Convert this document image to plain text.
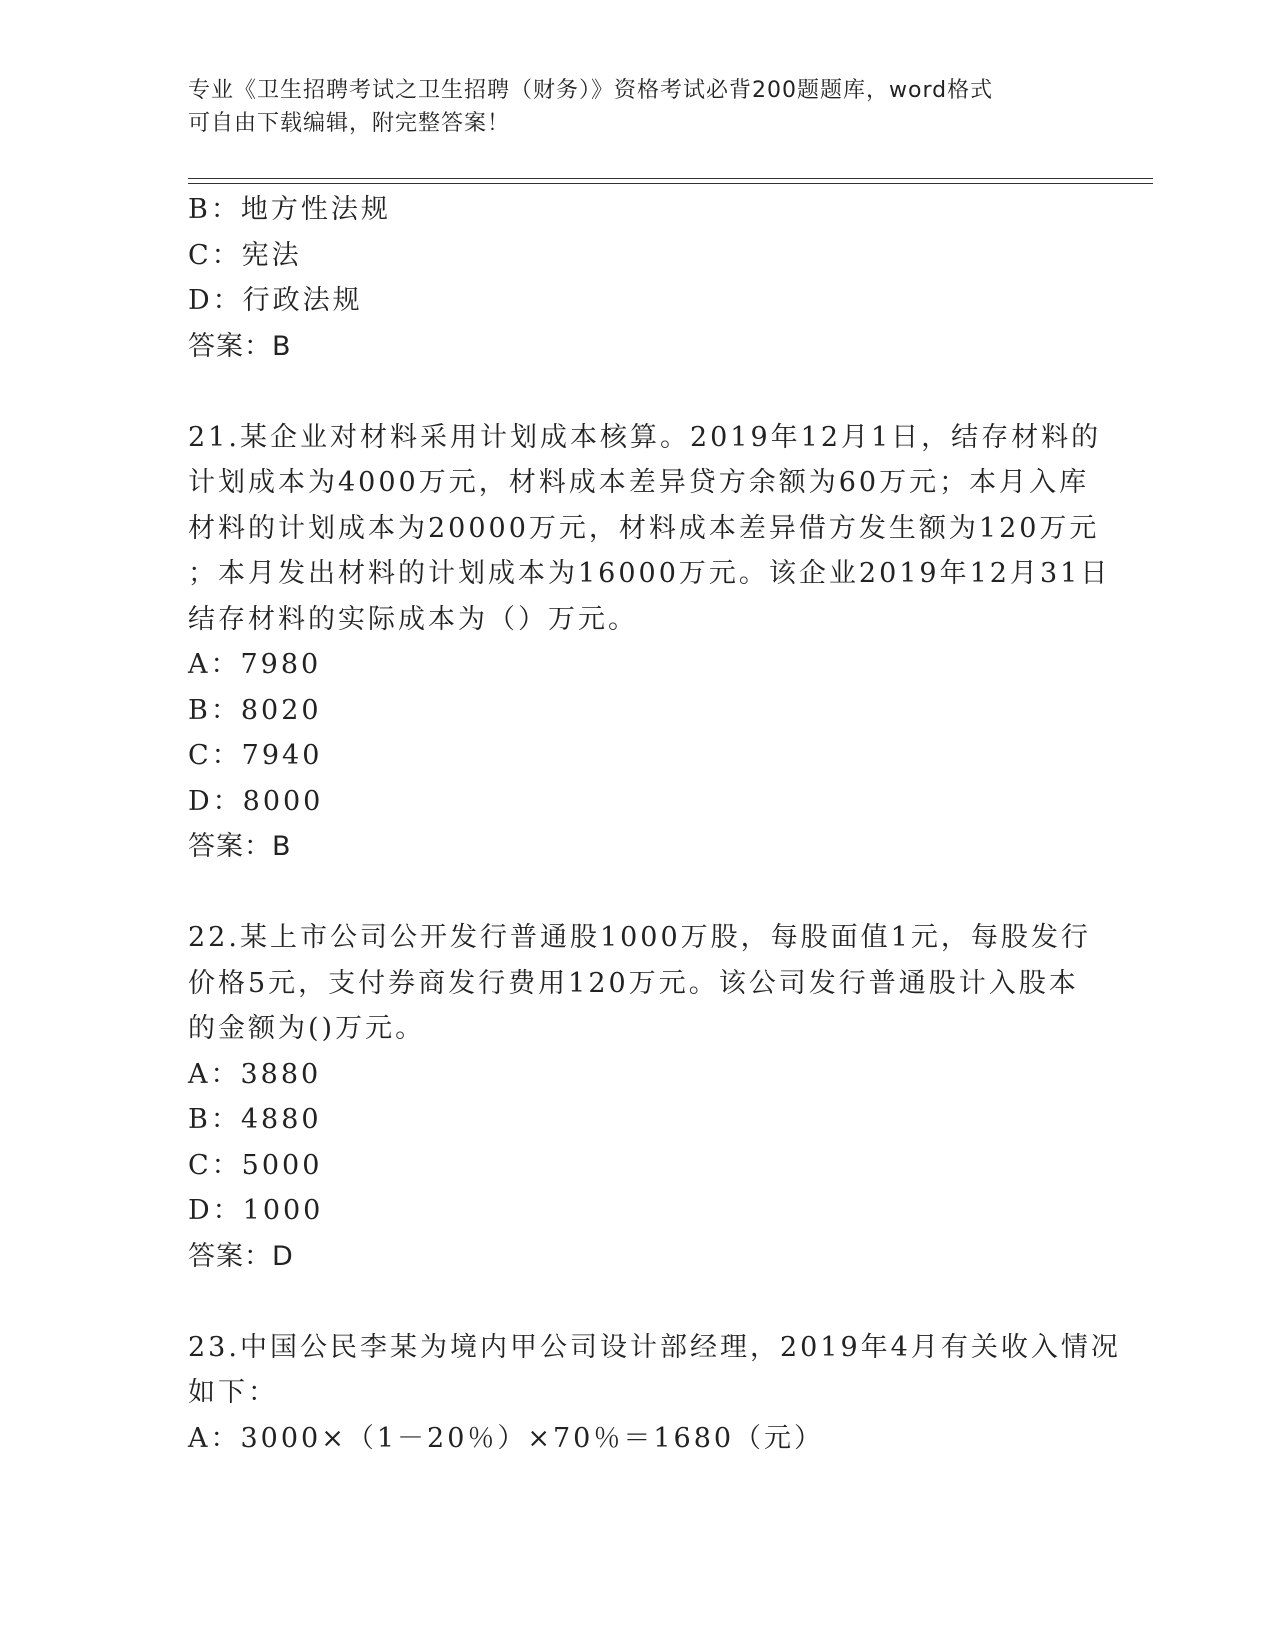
专业《卫生招聘考试之卫生招聘（财务）》资格考试必背200题题库，word格式
可自由下载编辑，附完整答案！
B：地方性法规
C：宪法
D：行政法规
答案：B
21.某企业对材料采用计划成本核算。2019年12月1日，结存材料的
计划成本为4000万元，材料成本差异贷方余额为60万元；本月入库
材料的计划成本为20000万元，材料成本差异借方发生额为120万元
；本月发出材料的计划成本为16000万元。该企业2019年12月31日
结存材料的实际成本为（）万元。
A：7980
B：8020
C：7940
D：8000
答案：B
22.某上市公司公开发行普通股1000万股，每股面值1元，每股发行
价格5元，支付券商发行费用120万元。该公司发行普通股计入股本
的金额为()万元。
A：3880
B：4880
C：5000
D：1000
答案：D
23.中国公民李某为境内甲公司设计部经理，2019年4月有关收入情况
如下：
A：3000×（1－20％）×70％＝1680（元）
